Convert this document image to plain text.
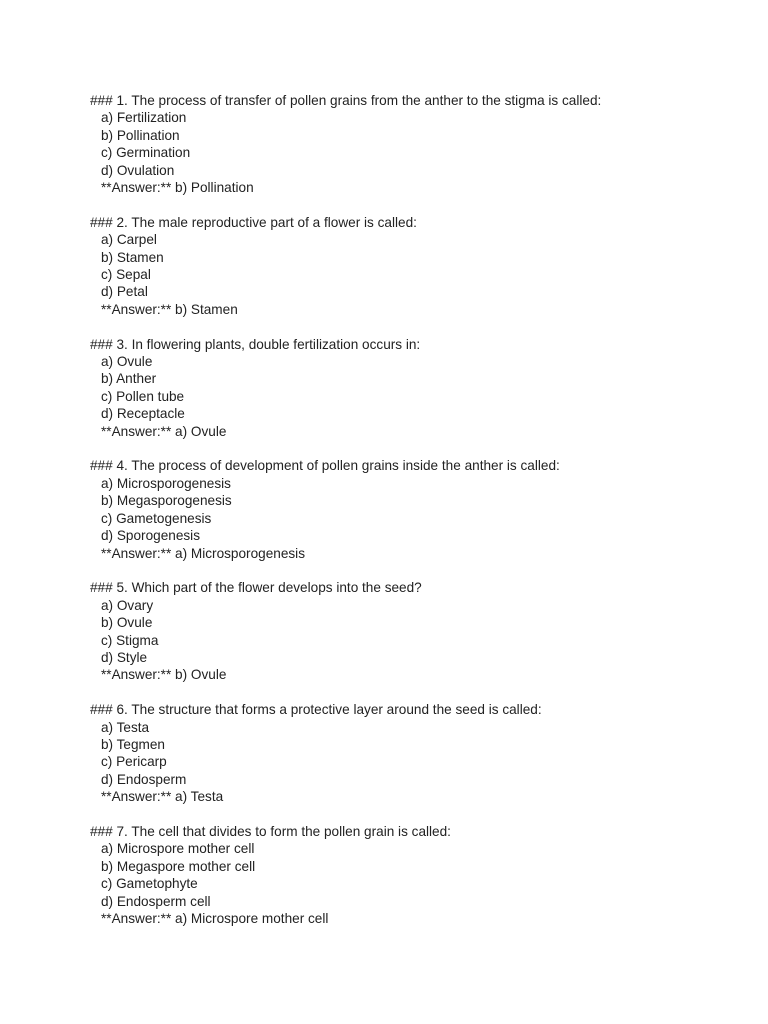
### 1. The process of transfer of pollen grains from the anther to the stigma is called:
a) Fertilization
b) Pollination
c) Germination
d) Ovulation
**Answer:** b) Pollination
### 2. The male reproductive part of a flower is called:
a) Carpel
b) Stamen
c) Sepal
d) Petal
**Answer:** b) Stamen
### 3. In flowering plants, double fertilization occurs in:
a) Ovule
b) Anther
c) Pollen tube
d) Receptacle
**Answer:** a) Ovule
### 4. The process of development of pollen grains inside the anther is called:
a) Microsporogenesis
b) Megasporogenesis
c) Gametogenesis
d) Sporogenesis
**Answer:** a) Microsporogenesis
### 5. Which part of the flower develops into the seed?
a) Ovary
b) Ovule
c) Stigma
d) Style
**Answer:** b) Ovule
### 6. The structure that forms a protective layer around the seed is called:
a) Testa
b) Tegmen
c) Pericarp
d) Endosperm
**Answer:** a) Testa
### 7. The cell that divides to form the pollen grain is called:
a) Microspore mother cell
b) Megaspore mother cell
c) Gametophyte
d) Endosperm cell
**Answer:** a) Microspore mother cell
